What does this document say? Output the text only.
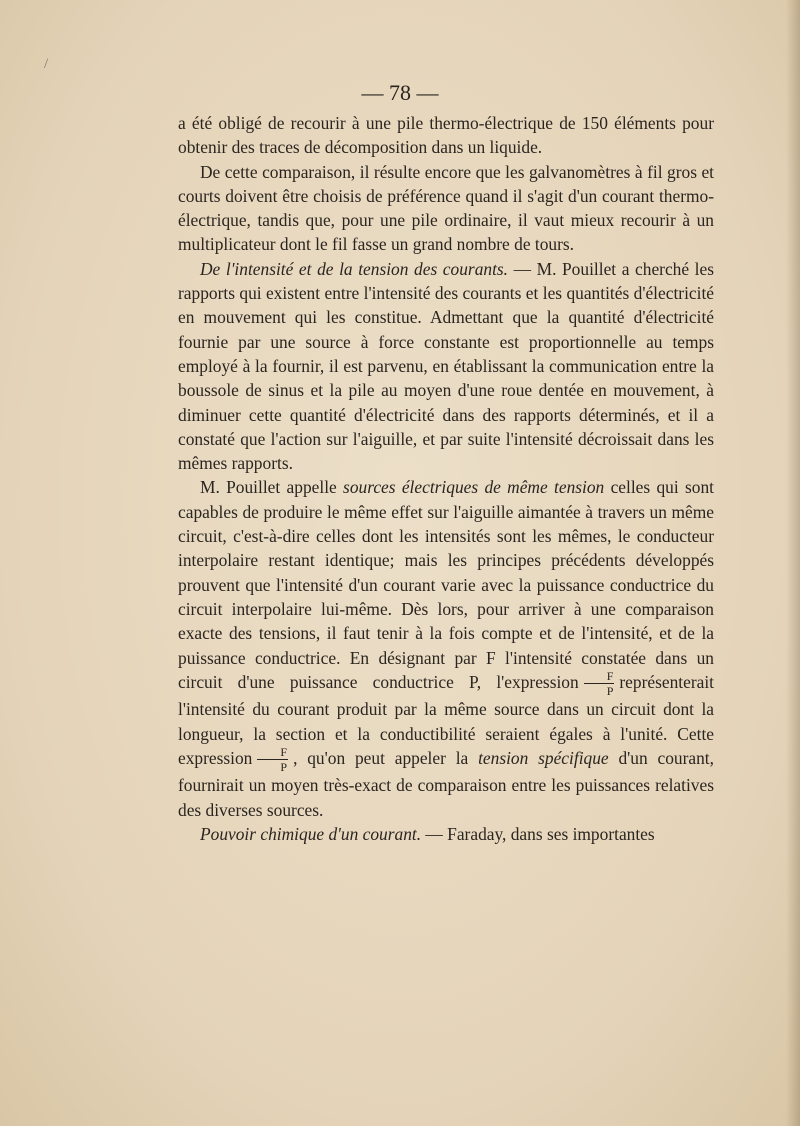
/
— 78 —

a été obligé de recourir à une pile thermo-électrique de 150 éléments pour obtenir des traces de décomposition dans un liquide.

De cette comparaison, il résulte encore que les galvanomètres à fil gros et courts doivent être choisis de préférence quand il s'agit d'un courant thermo-électrique, tandis que, pour une pile ordinaire, il vaut mieux recourir à un multiplicateur dont le fil fasse un grand nombre de tours.

De l'intensité et de la tension des courants. — M. Pouillet a cherché les rapports qui existent entre l'intensité des courants et les quantités d'électricité en mouvement qui les constitue. Admettant que la quantité d'électricité fournie par une source à force constante est proportionnelle au temps employé à la fournir, il est parvenu, en établissant la communication entre la boussole de sinus et la pile au moyen d'une roue dentée en mouvement, à diminuer cette quantité d'électricité dans des rapports déterminés, et il a constaté que l'action sur l'aiguille, et par suite l'intensité décroissait dans les mêmes rapports.

M. Pouillet appelle sources électriques de même tension celles qui sont capables de produire le même effet sur l'aiguille aimantée à travers un même circuit, c'est-à-dire celles dont les intensités sont les mêmes, le conducteur interpolaire restant identique; mais les principes précédents développés prouvent que l'intensité d'un courant varie avec la puissance conductrice du circuit interpolaire lui-même. Dès lors, pour arriver à une comparaison exacte des tensions, il faut tenir à la fois compte et de l'intensité, et de la puissance conductrice. En désignant par F l'intensité constatée dans un circuit d'une puissance conductrice P, l'expression $\frac{F}{P}$ représenterait l'intensité du courant produit par la même source dans un circuit dont la longueur, la section et la conductibilité seraient égales à l'unité. Cette expression $\frac{F}{P}$ , qu'on peut appeler la tension spécifique d'un courant, fournirait un moyen très-exact de comparaison entre les puissances relatives des diverses sources.

Pouvoir chimique d'un courant. — Faraday, dans ses importantes
